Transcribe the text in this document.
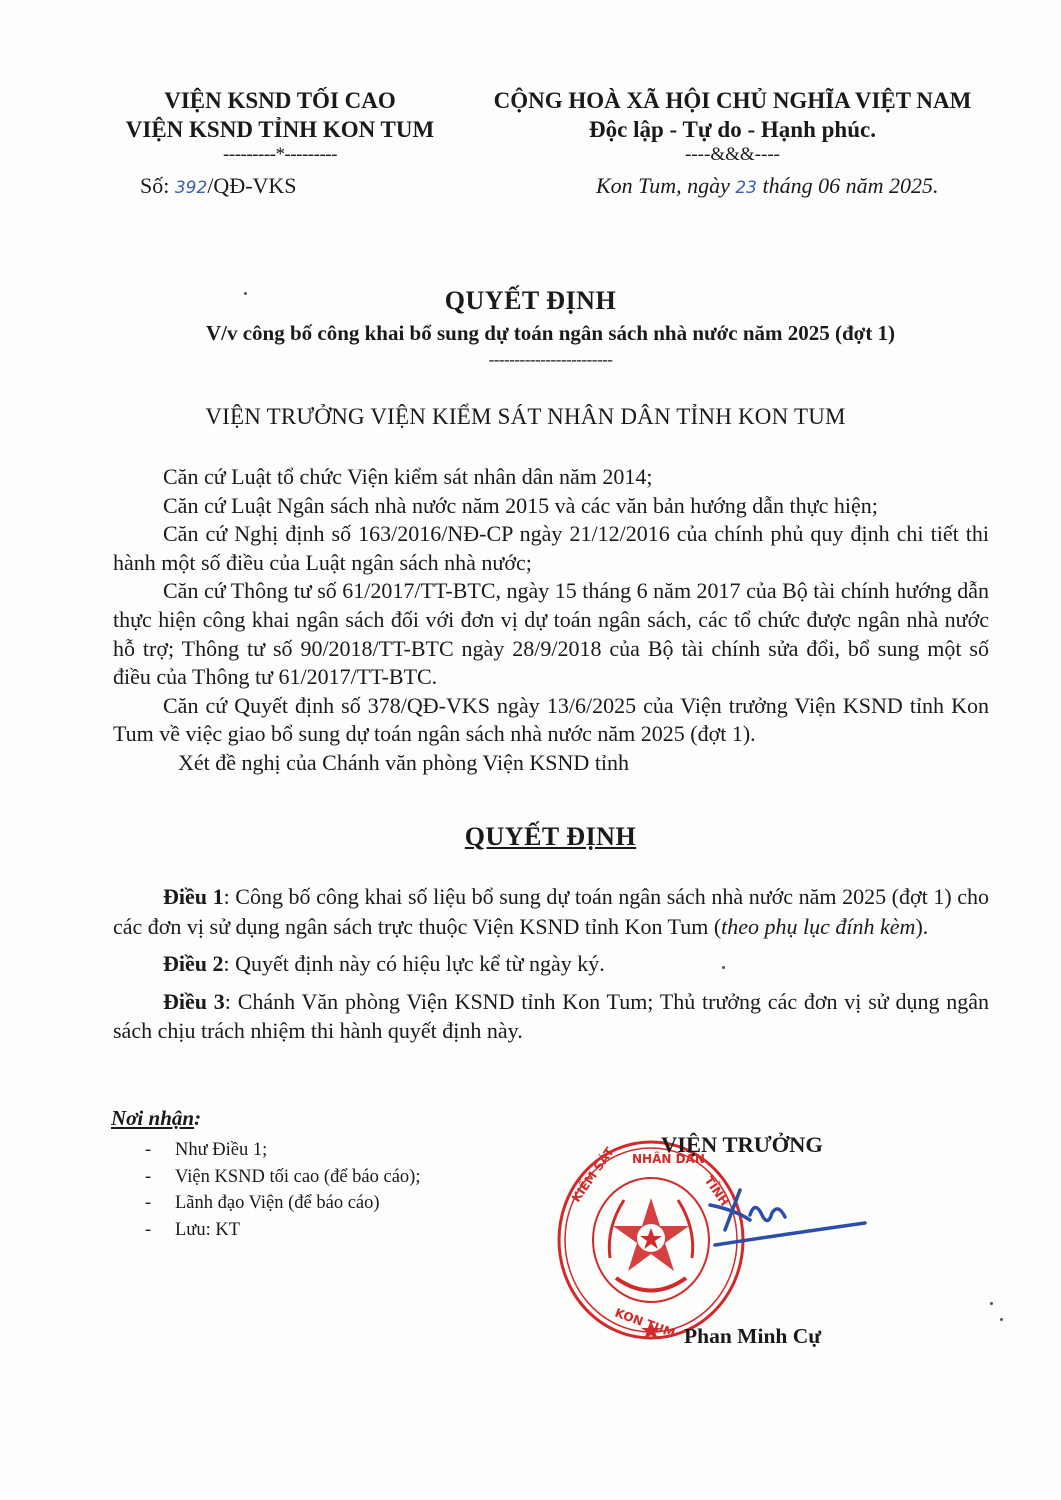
VIỆN KSND TỐI CAO
VIỆN KSND TỈNH KON TUM
---------*---------
Số: 392/QĐ-VKS
CỘNG HOÀ XÃ HỘI CHỦ NGHĨA VIỆT NAM
Độc lập - Tự do - Hạnh phúc.
----&&&----
Kon Tum, ngày 23 tháng 06 năm 2025.
QUYẾT ĐỊNH
V/v công bố công khai bổ sung dự toán ngân sách nhà nước năm 2025 (đợt 1)
------------------------
VIỆN TRƯỞNG VIỆN KIỂM SÁT NHÂN DÂN TỈNH KON TUM

Căn cứ Luật tổ chức Viện kiểm sát nhân dân năm 2014;

Căn cứ Luật Ngân sách nhà nước năm 2015 và các văn bản hướng dẫn thực hiện;

Căn cứ Nghị định số 163/2016/NĐ-CP ngày 21/12/2016 của chính phủ quy định chi tiết thi hành một số điều của Luật ngân sách nhà nước;

Căn cứ Thông tư số 61/2017/TT-BTC, ngày 15 tháng 6 năm 2017 của Bộ tài chính hướng dẫn thực hiện công khai ngân sách đối với đơn vị dự toán ngân sách, các tổ chức được ngân nhà nước hỗ trợ; Thông tư số 90/2018/TT-BTC ngày 28/9/2018 của Bộ tài chính sửa đổi, bổ sung một số điều của Thông tư 61/2017/TT-BTC.

Căn cứ Quyết định số 378/QĐ-VKS ngày 13/6/2025 của Viện trưởng Viện KSND tỉnh Kon Tum về việc giao bổ sung dự toán ngân sách nhà nước năm 2025 (đợt 1).

Xét đề nghị của Chánh văn phòng Viện KSND tỉnh

QUYẾT ĐỊNH

Điều 1: Công bố công khai số liệu bổ sung dự toán ngân sách nhà nước năm 2025 (đợt 1) cho các đơn vị sử dụng ngân sách trực thuộc Viện KSND tỉnh Kon Tum (theo phụ lục đính kèm).

Điều 2: Quyết định này có hiệu lực kể từ ngày ký.

Điều 3: Chánh Văn phòng Viện KSND tỉnh Kon Tum; Thủ trưởng các đơn vị sử dụng ngân sách chịu trách nhiệm thi hành quyết định này.

Nơi nhận:
- Như Điều 1;
- Viện KSND tối cao (để báo cáo);
- Lãnh đạo Viện (để báo cáo)
- Lưu: KT
KIỂM SÁT NHÂN DÂN
TỈNH
KON TUM
VIỆN TRƯỞNG
Phan Minh Cự
